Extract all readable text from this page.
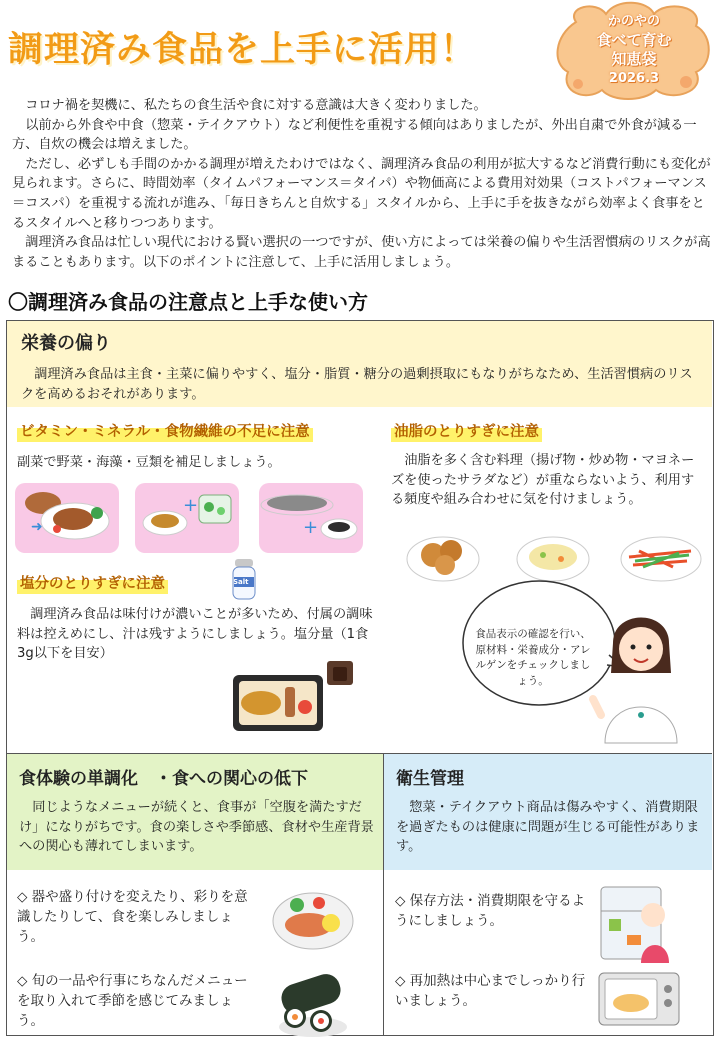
調理済み食品を上手に活用！
かのやの
食べて育む
知恵袋
2026.3

コロナ禍を契機に、私たちの食生活や食に対する意識は大きく変わりました。

以前から外食や中食（惣菜・テイクアウト）など利便性を重視する傾向はありましたが、外出自粛で外食が減る一方、自炊の機会は増えました。

ただし、必ずしも手間のかかる調理が増えたわけではなく、調理済み食品の利用が拡大するなど消費行動にも変化が見られます。さらに、時間効率（タイムパフォーマンス＝タイパ）や物価高による費用対効果（コストパフォーマンス＝コスパ）を重視する流れが進み、「毎日きちんと自炊する」スタイルから、上手に手を抜きながら効率よく食事をとるスタイルへと移りつつあります。

調理済み食品は忙しい現代における賢い選択の一つですが、使い方によっては栄養の偏りや生活習慣病のリスクが高まることもあります。以下のポイントに注意して、上手に活用しましょう。

〇調理済み食品の注意点と上手な使い方
栄養の偏り
調理済み食品は主食・主菜に偏りやすく、塩分・脂質・糖分の過剰摂取にもなりがちなため、生活習慣病のリスクを高めるおそれがあります。
ビタミン・ミネラル・食物繊維の不足に注意
副菜で野菜・海藻・豆類を補足しましょう。
➜
+
+
油脂のとりすぎに注意
油脂を多く含む料理（揚げ物・炒め物・マヨネーズを使ったサラダなど）が重ならないよう、利用する頻度や組み合わせに気を付けましょう。
塩分のとりすぎに注意	Salt
調理済み食品は味付けが濃いことが多いため、付属の調味料は控えめにし、汁は残すようにしましょう。塩分量（1食3g以下を目安）
食品表示の確認を行い、原材料・栄養成分・アレルゲンをチェックしましょう。
食体験の単調化　・食への関心の低下
同じようなメニューが続くと、食事が「空腹を満たすだけ」になりがちです。食の楽しさや季節感、食材や生産背景への関心も薄れてしまいます。
◇ 器や盛り付けを変えたり、彩りを意識したりして、食を楽しみしましょう。
◇ 旬の一品や行事にちなんだメニューを取り入れて季節を感じてみましょう。
衛生管理
惣菜・テイクアウト商品は傷みやすく、消費期限を過ぎたものは健康に問題が生じる可能性があります。
◇ 保存方法・消費期限を守るようにしましょう。
◇ 再加熱は中心までしっかり行いましょう。
